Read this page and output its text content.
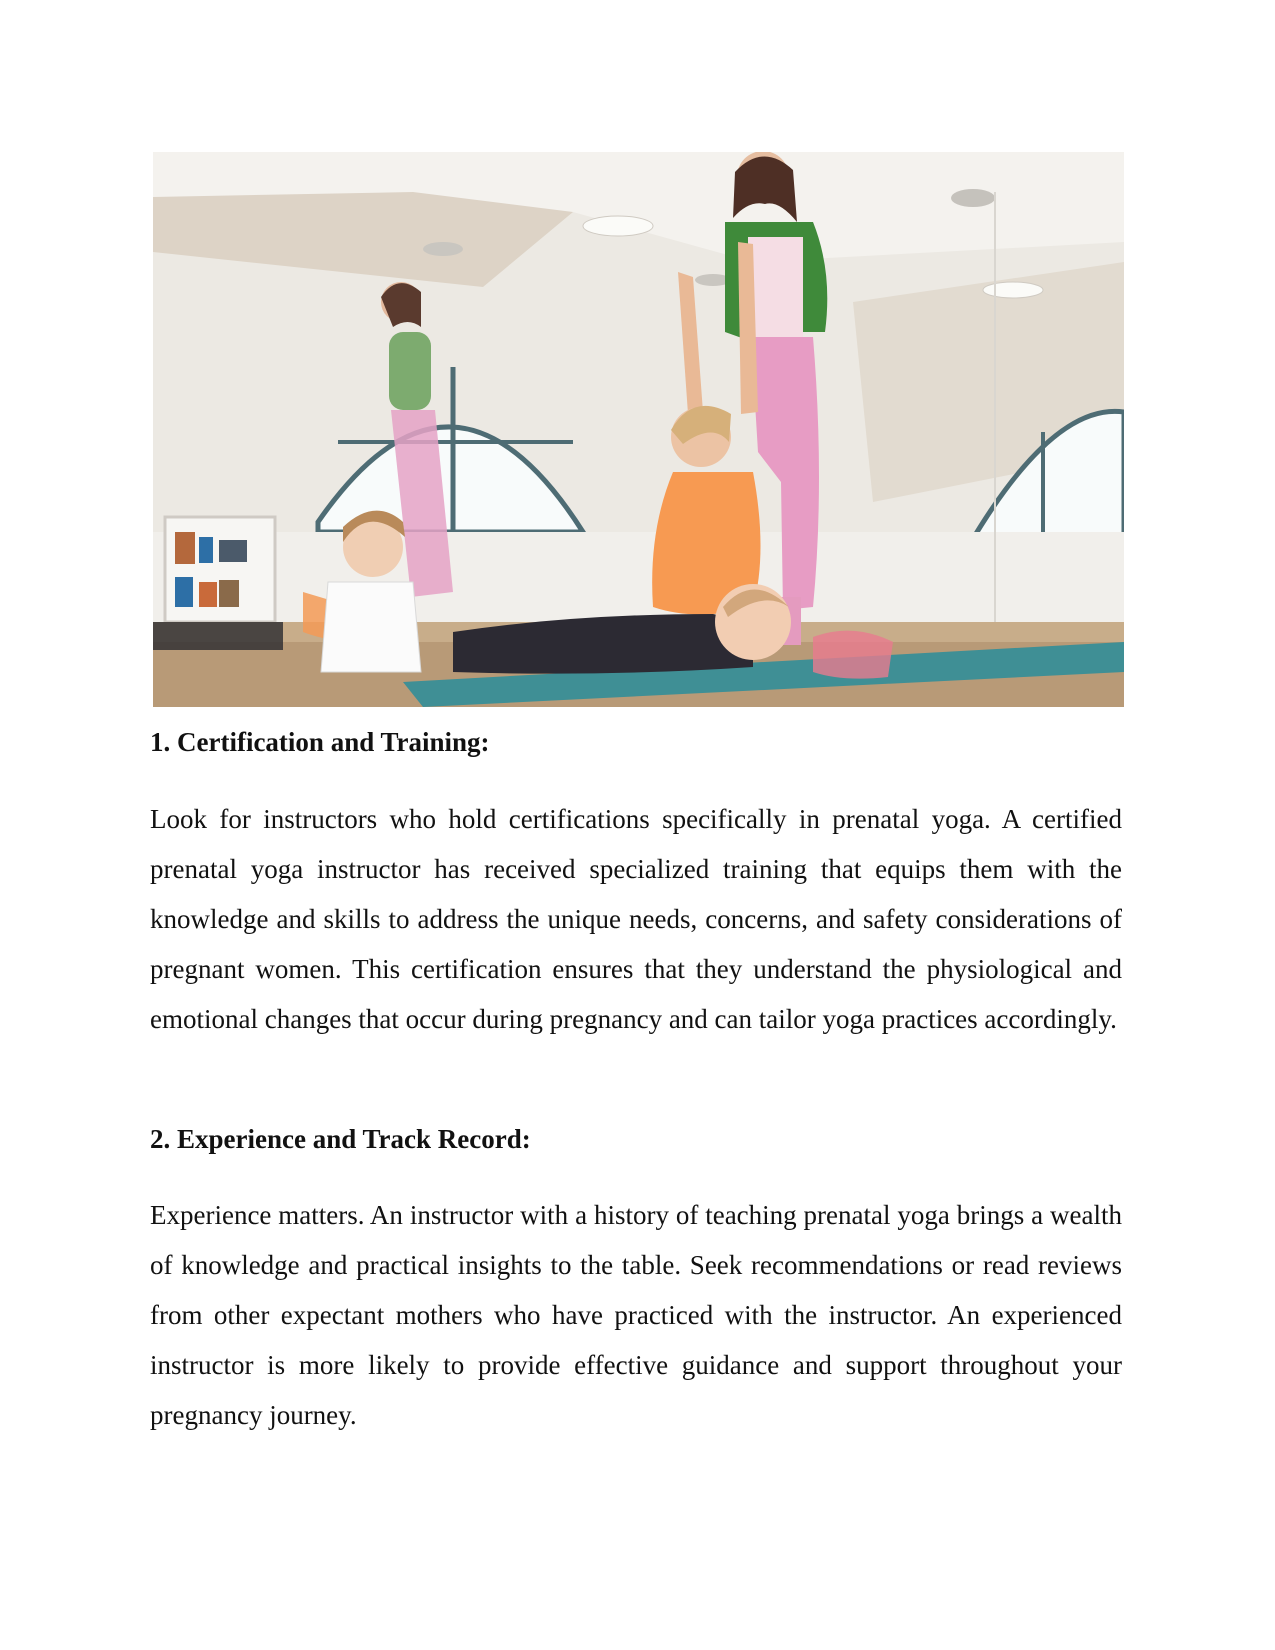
1. Certification and Training:

Look for instructors who hold certifications specifically in prenatal yoga. A certified prenatal yoga instructor has received specialized training that equips them with the knowledge and skills to address the unique needs, concerns, and safety considerations of pregnant women. This certification ensures that they understand the physiological and emotional changes that occur during pregnancy and can tailor yoga practices accordingly.

2. Experience and Track Record:

Experience matters. An instructor with a history of teaching prenatal yoga brings a wealth of knowledge and practical insights to the table. Seek recommendations or read reviews from other expectant mothers who have practiced with the instructor. An experienced instructor is more likely to provide effective guidance and support throughout your pregnancy journey.
